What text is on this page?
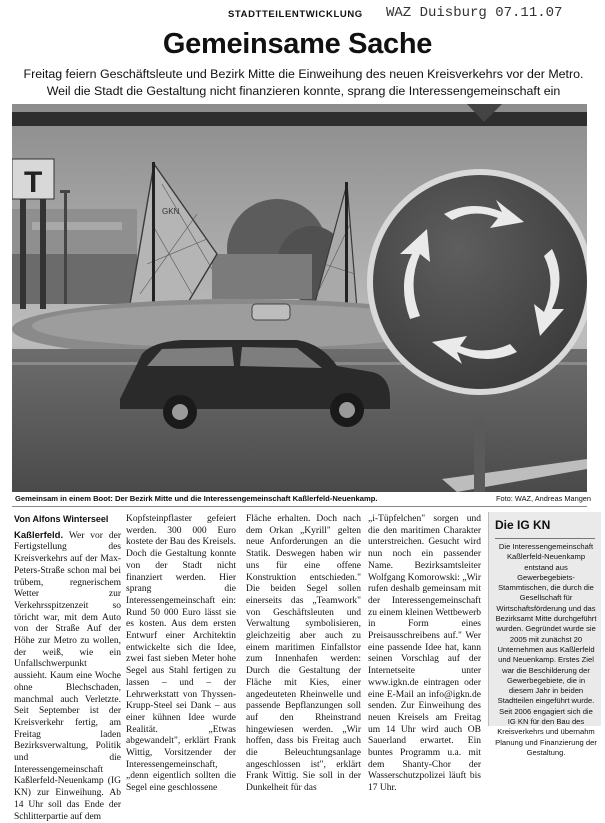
STADTTEILENTWICKLUNG WAZ Duisburg 07.11.07
Gemeinsame Sache
Freitag feiern Geschäftsleute und Bezirk Mitte die Einweihung des neuen Kreisverkehrs vor der Metro.
Weil die Stadt die Gestaltung nicht finanzieren konnte, sprang die Interessengemeinschaft ein
T
GKN
Gemeinsam in einem Boot: Der Bezirk Mitte und die Interessengemeinschaft Kaßlerfeld-Neuenkamp.	Foto: WAZ, Andreas Mangen

Von Alfons Winterseel

Kaßlerfeld. Wer vor der Fertigstellung des Kreisverkehrs auf der Max-Peters-Straße schon mal bei trübem, regnerischem Wetter zur Verkehrsspitzenzeit so töricht war, mit dem Auto von der Straße Auf der Höhe zur Metro zu wollen, der weiß, wie ein Unfallschwerpunkt aussieht. Kaum eine Woche ohne Blechschaden, manchmal auch Verletzte. Seit September ist der Kreisverkehr fertig, am Freitag laden Bezirksverwaltung, Politik und die Interessengemeinschaft Kaßlerfeld-Neuenkamp (IG KN) zur Einweihung. Ab 14 Uhr soll das Ende der Schlitterpartie auf dem

Kopfsteinpflaster gefeiert werden. 300 000 Euro kostete der Bau des Kreisels. Doch die Gestaltung konnte von der Stadt nicht finanziert werden. Hier sprang die Interessengemeinschaft ein: Rund 50 000 Euro lässt sie es kosten. Aus dem ersten Entwurf einer Architektin entwickelte sich die Idee, zwei fast sieben Meter hohe Segel aus Stahl fertigen zu lassen – und – der Lehrwerkstatt von Thyssen-Krupp-Steel sei Dank – aus einer kühnen Idee wurde Realität. „Etwas abgewandelt", erklärt Frank Wittig, Vorsitzender der Interessengemeinschaft, „denn eigentlich sollten die Segel eine geschlossene

Fläche erhalten. Doch nach dem Orkan „Kyrill" gelten neue Anforderungen an die Statik. Deswegen haben wir uns für eine offene Konstruktion entschieden." Die beiden Segel sollen einerseits das „Teamwork" von Geschäftsleuten und Verwaltung symbolisieren, gleichzeitig aber auch zu einem maritimen Einfallstor zum Innenhafen werden: Durch die Gestaltung der Fläche mit Kies, einer angedeuteten Rheinwelle und passende Bepflanzungen soll auf den Rheinstrand hingewiesen werden. „Wir hoffen, dass bis Freitag auch die Beleuchtungsanlage angeschlossen ist", erklärt Frank Wittig. Sie soll in der Dunkelheit für das

„i-Tüpfelchen" sorgen und die den maritimen Charakter unterstreichen. Gesucht wird nun noch ein passender Name. Bezirksamtsleiter Wolfgang Komorowski: „Wir rufen deshalb gemeinsam mit der Interessengemeinschaft zu einem kleinen Wettbewerb in Form eines Preisausschreibens auf." Wer eine passende Idee hat, kann seinen Vorschlag auf der Internetseite unter www.igkn.de eintragen oder eine E-Mail an info@igkn.de senden. Zur Einweihung des neuen Kreisels am Freitag um 14 Uhr wird auch OB Sauerland erwartet. Ein buntes Programm u.a. mit dem Shanty-Chor der Wasserschutzpolizei läuft bis 17 Uhr.

Die IG KN
Die Interessengemeinschaft Kaßlerfeld-Neuenkamp entstand aus Gewerbegebiets-Stammtischen, die durch die Gesellschaft für Wirtschaftsförderung und das Bezirksamt Mitte durchgeführt wurden. Gegründet wurde sie 2005 mit zunächst 20 Unternehmen aus Kaßlerfeld und Neuenkamp. Erstes Ziel war die Beschilderung der Gewerbegebiete, die in diesem Jahr in beiden Stadtteilen eingeführt wurde. Seit 2006 engagiert sich die IG KN für den Bau des Kreisverkehrs und übernahm Planung und Finanzierung der Gestaltung.
